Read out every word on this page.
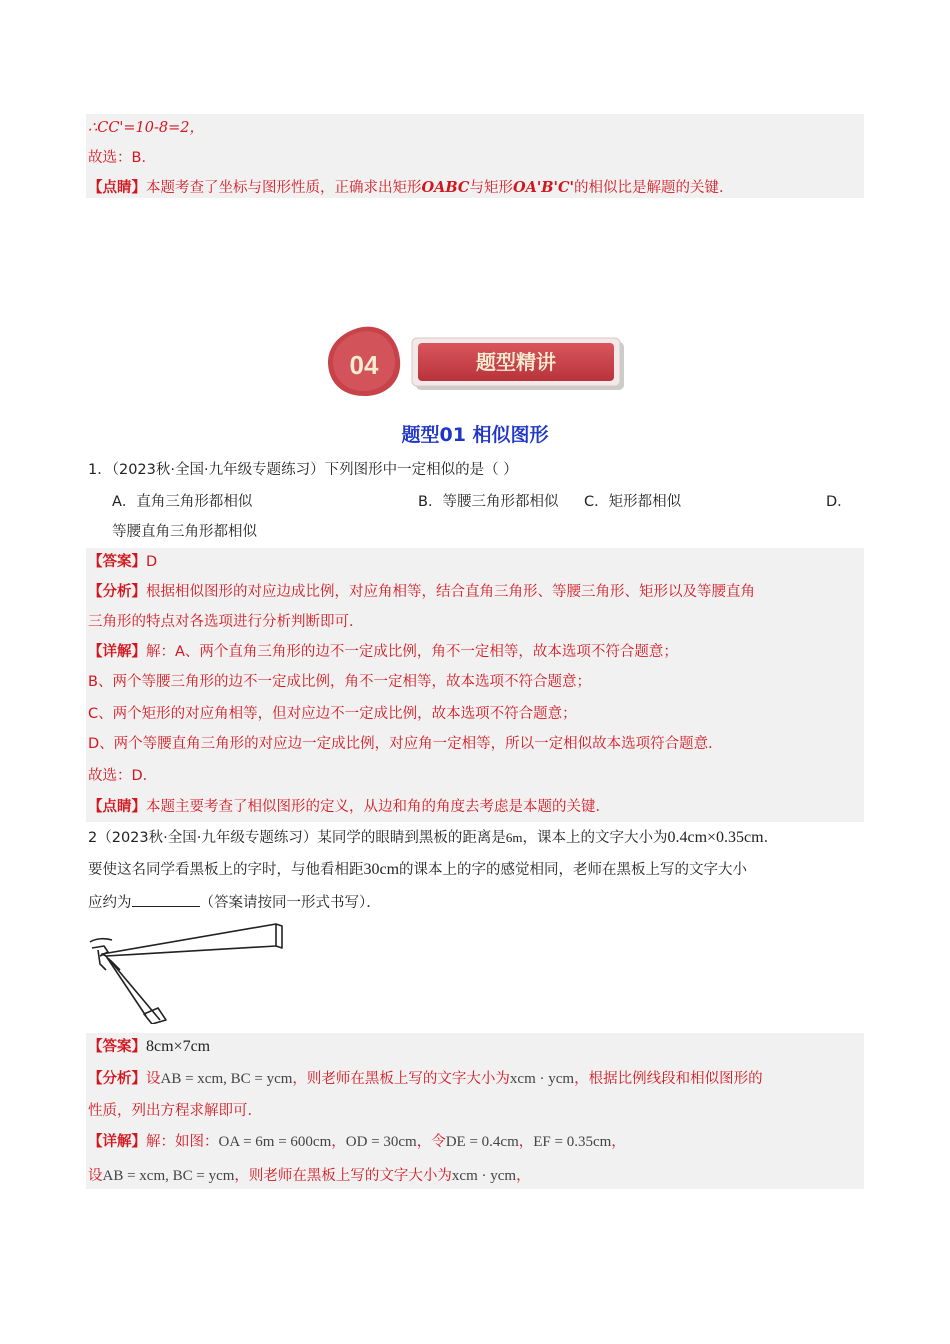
∴CC'=10-8=2，
故选：B．
【点睛】本题考查了坐标与图形性质，正确求出矩形OABC与矩形OA'B'C'的相似比是解题的关键．
04	题型精讲
题型01 相似图形
1．（2023秋·全国·九年级专题练习）下列图形中一定相似的是（ ）
A．直角三角形都相似	B．等腰三角形都相似 C．矩形都相似	D．
等腰直角三角形都相似
【答案】D
【分析】根据相似图形的对应边成比例，对应角相等，结合直角三角形、等腰三角形、矩形以及等腰直角
三角形的特点对各选项进行分析判断即可．
【详解】解：A、两个直角三角形的边不一定成比例，角不一定相等，故本选项不符合题意；
B、两个等腰三角形的边不一定成比例，角不一定相等，故本选项不符合题意；
C、两个矩形的对应角相等，但对应边不一定成比例，故本选项不符合题意；
D、两个等腰直角三角形的对应边一定成比例，对应角一定相等，所以一定相似故本选项符合题意．
故选：D．
【点睛】本题主要考查了相似图形的定义，从边和角的角度去考虑是本题的关键．
2（2023秋·全国·九年级专题练习）某同学的眼睛到黑板的距离是6m，课本上的文字大小为0.4cm×0.35cm．
要使这名同学看黑板上的字时，与他看相距30cm的课本上的字的感觉相同，老师在黑板上写的文字大小
应约为	（答案请按同一形式书写）．
【答案】8cm×7cm
【分析】设AB = xcm, BC = ycm，则老师在黑板上写的文字大小为xcm · ycm，根据比例线段和相似图形的
性质，列出方程求解即可．
【详解】解：如图：OA = 6m = 600cm，OD = 30cm，令DE = 0.4cm，EF = 0.35cm，
设AB = xcm, BC = ycm，则老师在黑板上写的文字大小为xcm · ycm，
